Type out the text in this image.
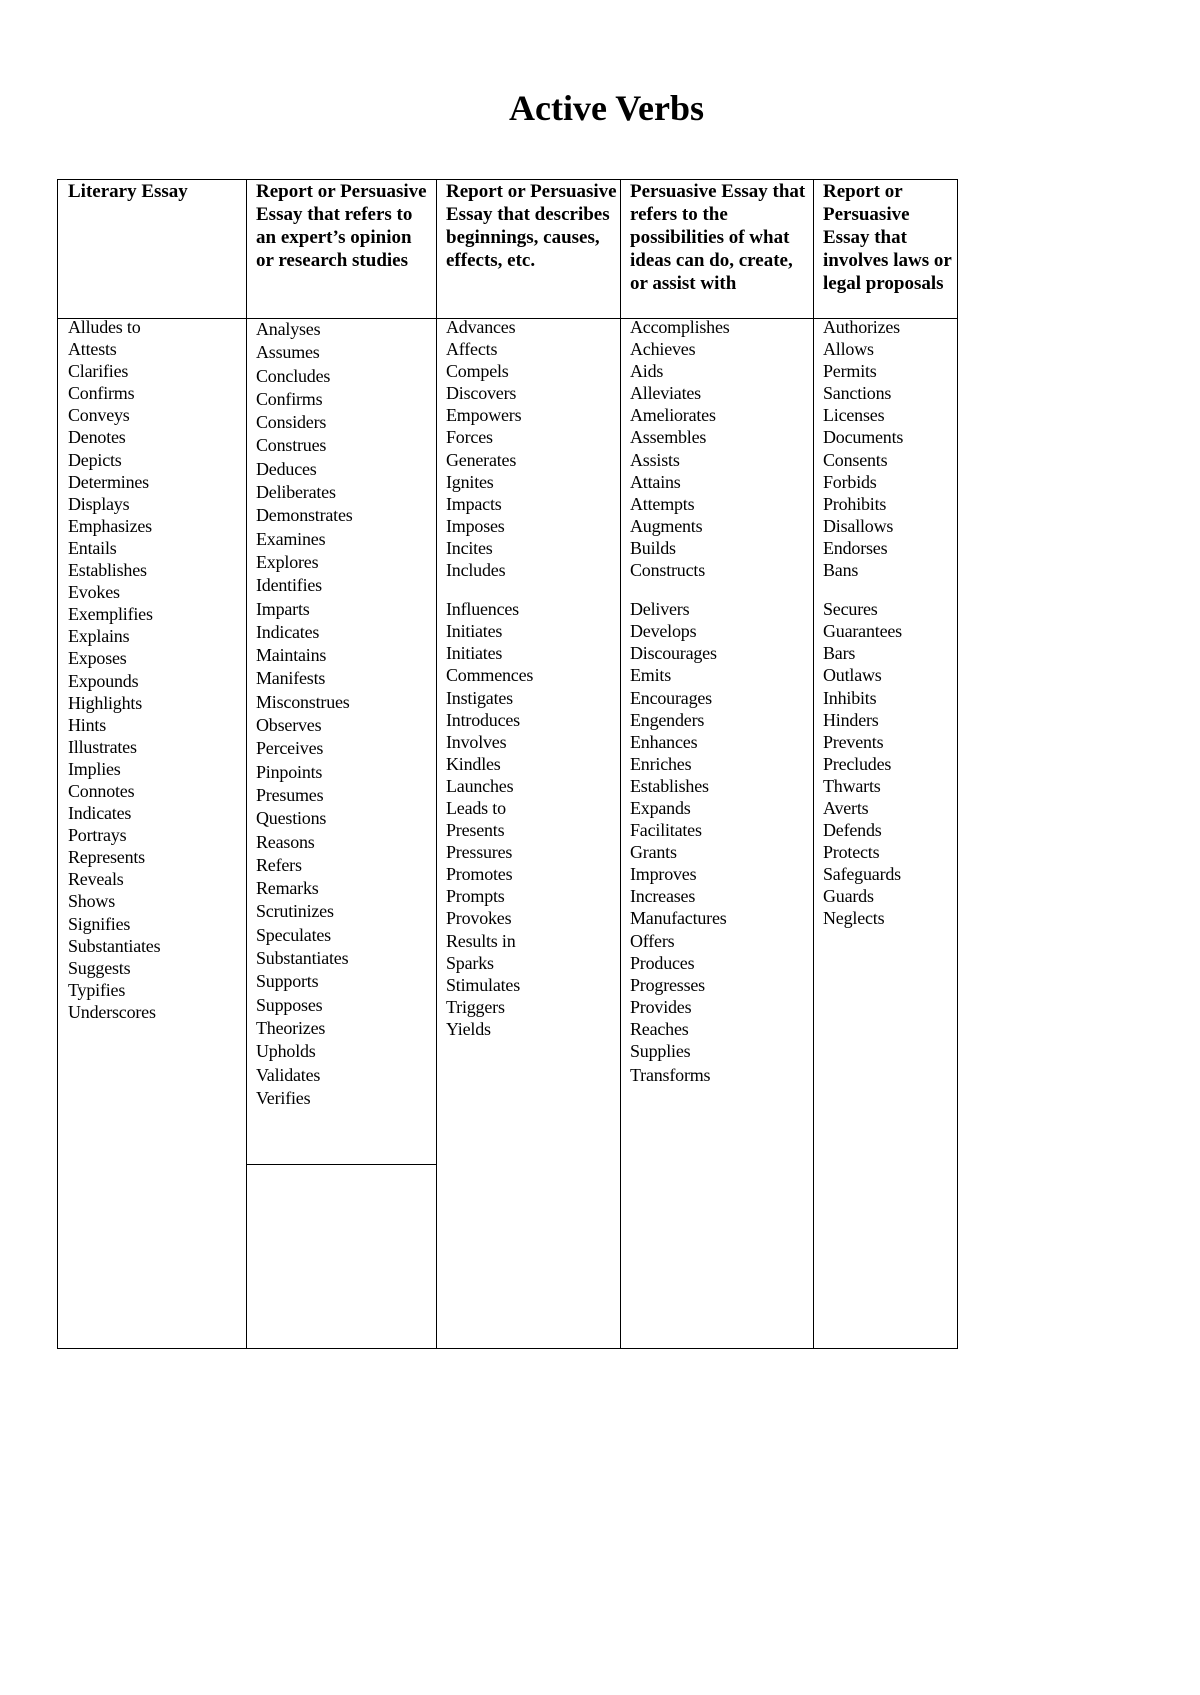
Active Verbs
Literary Essay
Alludes to
Attests
Clarifies
Confirms
Conveys
Denotes
Depicts
Determines
Displays
Emphasizes
Entails
Establishes
Evokes
Exemplifies
Explains
Exposes
Expounds
Highlights
Hints
Illustrates
Implies
Connotes
Indicates
Portrays
Represents
Reveals
Shows
Signifies
Substantiates
Suggests
Typifies
Underscores
Report or Persuasive Essay that refers to an expert’s opinion or research studies
Analyses
Assumes
Concludes
Confirms
Considers
Construes
Deduces
Deliberates
Demonstrates
Examines
Explores
Identifies
Imparts
Indicates
Maintains
Manifests
Misconstrues
Observes
Perceives
Pinpoints
Presumes
Questions
Reasons
Refers
Remarks
Scrutinizes
Speculates
Substantiates
Supports
Supposes
Theorizes
Upholds
Validates
Verifies
Report or Persuasive Essay that describes beginnings, causes, effects, etc.
Advances
Affects
Compels
Discovers
Empowers
Forces
Generates
Ignites
Impacts
Imposes
Incites
Includes
Influences
Initiates
Initiates
Commences
Instigates
Introduces
Involves
Kindles
Launches
Leads to
Presents
Pressures
Promotes
Prompts
Provokes
Results in
Sparks
Stimulates
Triggers
Yields
Persuasive Essay that refers to the possibilities of what ideas can do, create, or assist with
Accomplishes
Achieves
Aids
Alleviates
Ameliorates
Assembles
Assists
Attains
Attempts
Augments
Builds
Constructs
Delivers
Develops
Discourages
Emits
Encourages
Engenders
Enhances
Enriches
Establishes
Expands
Facilitates
Grants
Improves
Increases
Manufactures
Offers
Produces
Progresses
Provides
Reaches
Supplies
Transforms
Report or Persuasive Essay that involves laws or legal proposals
Authorizes
Allows
Permits
Sanctions
Licenses
Documents
Consents
Forbids
Prohibits
Disallows
Endorses
Bans
Secures
Guarantees
Bars
Outlaws
Inhibits
Hinders
Prevents
Precludes
Thwarts
Averts
Defends
Protects
Safeguards
Guards
Neglects
